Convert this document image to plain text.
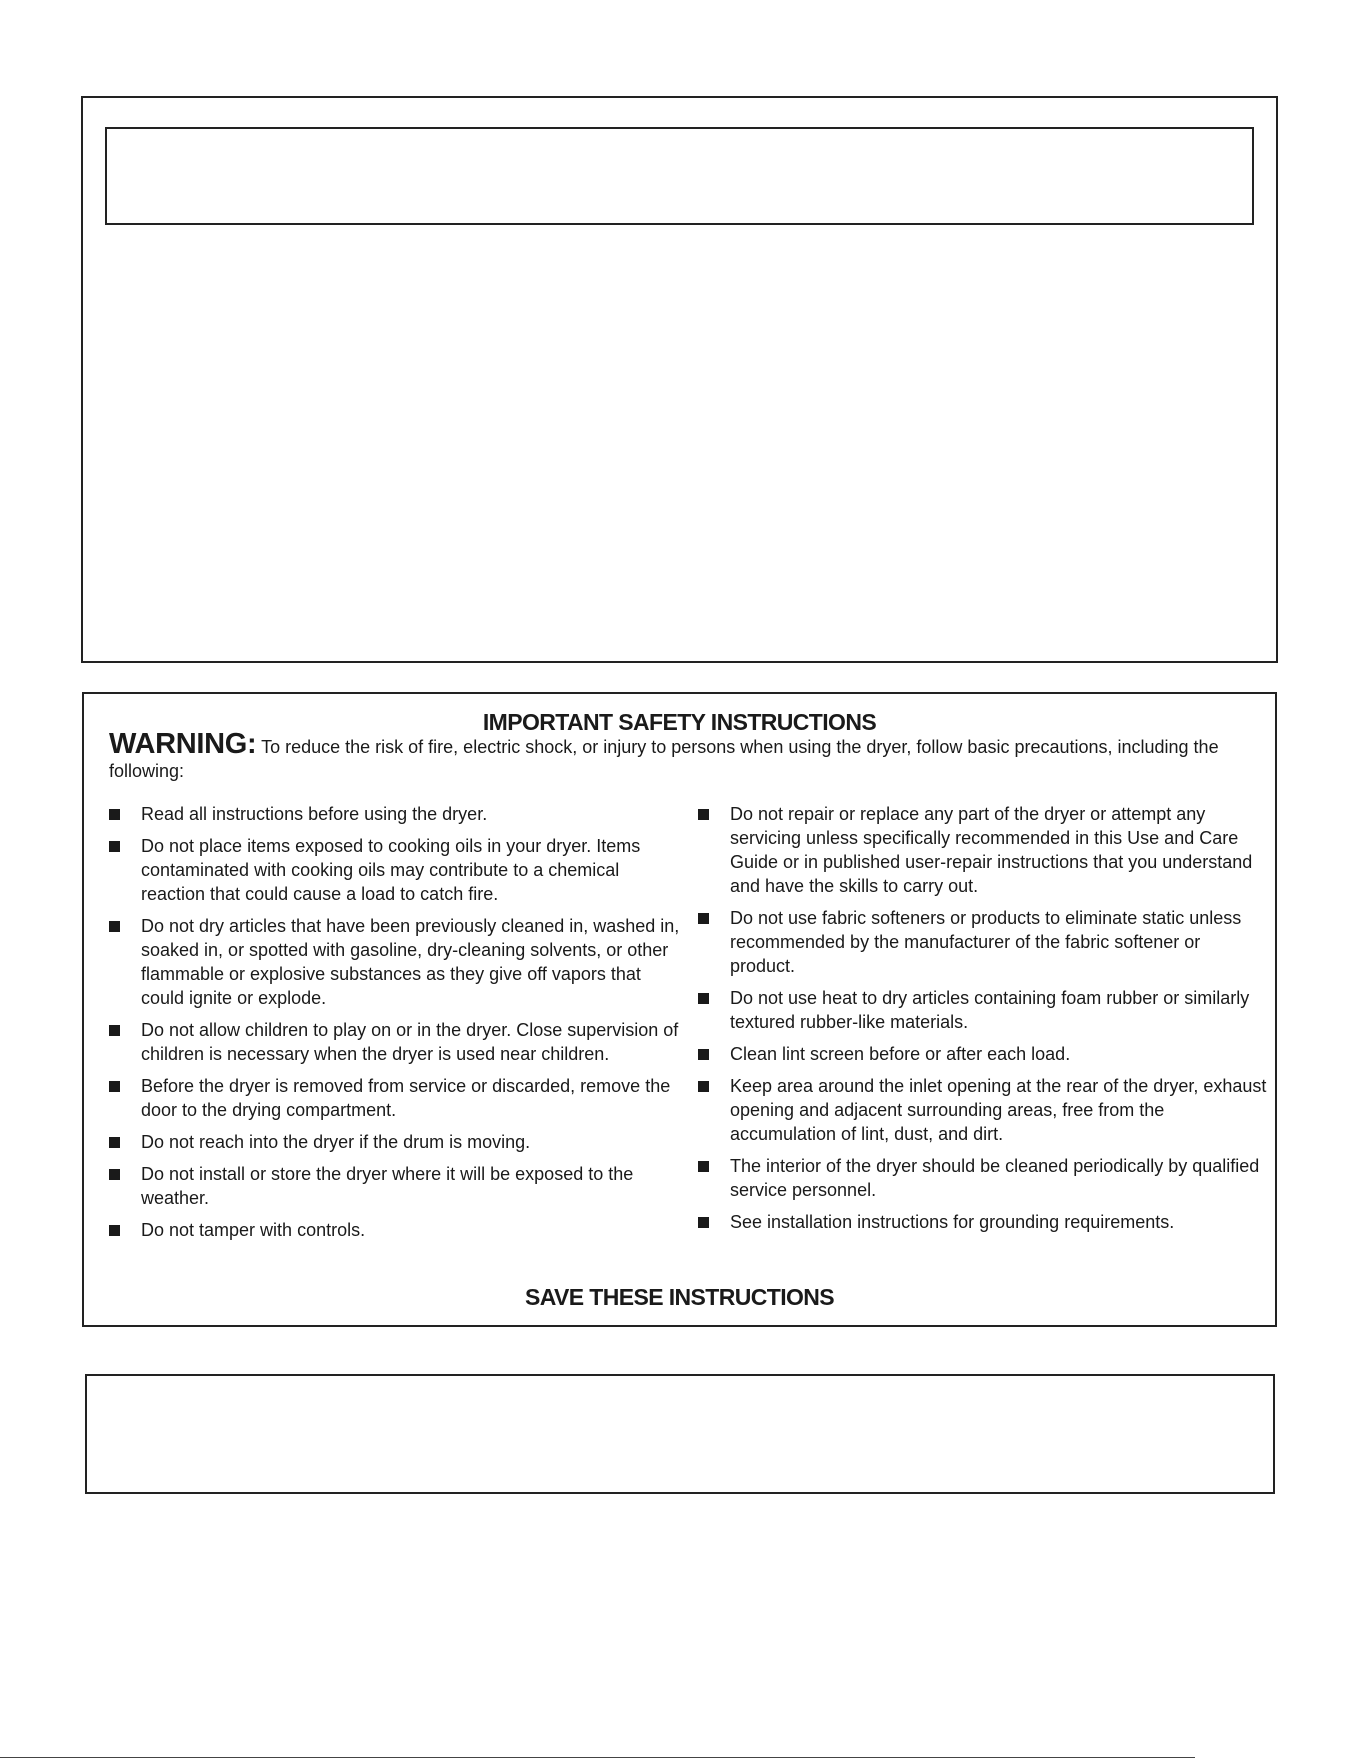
IMPORTANT SAFETY INSTRUCTIONS
WARNING: To reduce the risk of fire, electric shock, or injury to persons when using the dryer, follow basic precautions, including the following:
Read all instructions before using the dryer.
Do not place items exposed to cooking oils in your dryer. Items contaminated with cooking oils may contribute to a chemical reaction that could cause a load to catch fire.
Do not dry articles that have been previously cleaned in, washed in, soaked in, or spotted with gasoline, dry-cleaning solvents, or other flammable or explosive substances as they give off vapors that could ignite or explode.
Do not allow children to play on or in the dryer. Close supervision of children is necessary when the dryer is used near children.
Before the dryer is removed from service or discarded, remove the door to the drying compartment.
Do not reach into the dryer if the drum is moving.
Do not install or store the dryer where it will be exposed to the weather.
Do not tamper with controls.
Do not repair or replace any part of the dryer or attempt any servicing unless specifically recommended in this Use and Care Guide or in published user-repair instructions that you understand and have the skills to carry out.
Do not use fabric softeners or products to eliminate static unless recommended by the manufacturer of the fabric softener or product.
Do not use heat to dry articles containing foam rubber or similarly textured rubber-like materials.
Clean lint screen before or after each load.
Keep area around the inlet opening at the rear of the dryer, exhaust opening and adjacent surrounding areas, free from the accumulation of lint, dust, and dirt.
The interior of the dryer should be cleaned periodically by qualified service personnel.
See installation instructions for grounding requirements.
SAVE THESE INSTRUCTIONS
